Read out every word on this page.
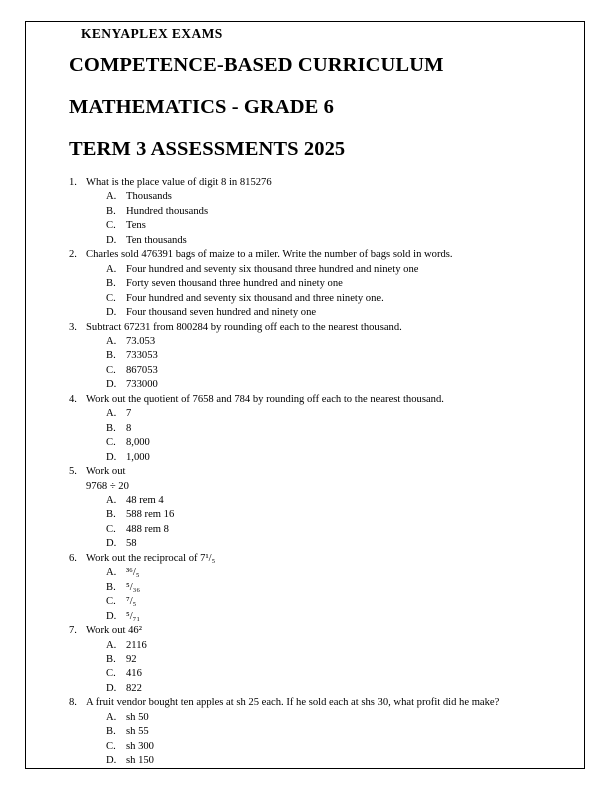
KENYAPLEX EXAMS
COMPETENCE-BASED CURRICULUM
MATHEMATICS - GRADE 6
TERM 3 ASSESSMENTS 2025
1. What is the place value of digit 8 in 815276
A. Thousands
B. Hundred thousands
C. Tens
D. Ten thousands
2. Charles sold 476391 bags of maize to a miler. Write the number of bags sold in words.
A. Four hundred and seventy six thousand three hundred and ninety one
B. Forty seven thousand three hundred and ninety one
C. Four hundred and seventy six thousand and three ninety one.
D. Four thousand seven hundred and ninety one
3. Subtract 67231 from 800284 by rounding off each to the nearest thousand.
A. 73.053
B. 733053
C. 867053
D. 733000
4. Work out the quotient of 7658 and 784 by rounding off each to the nearest thousand.
A. 7
B. 8
C. 8,000
D. 1,000
5. Work out
9768 ÷ 20
A. 48 rem 4
B. 588 rem 16
C. 488 rem 8
D. 58
6. Work out the reciprocal of 7¹/₅
A. ³⁶/₅
B. ⁵/₃₆
C. ⁷/₅
D. ⁵/₇₁
7. Work out 46²
A. 2116
B. 92
C. 416
D. 822
8. A fruit vendor bought ten apples at sh 25 each. If he sold each at shs 30, what profit did he make?
A. sh 50
B. sh 55
C. sh 300
D. sh 150
